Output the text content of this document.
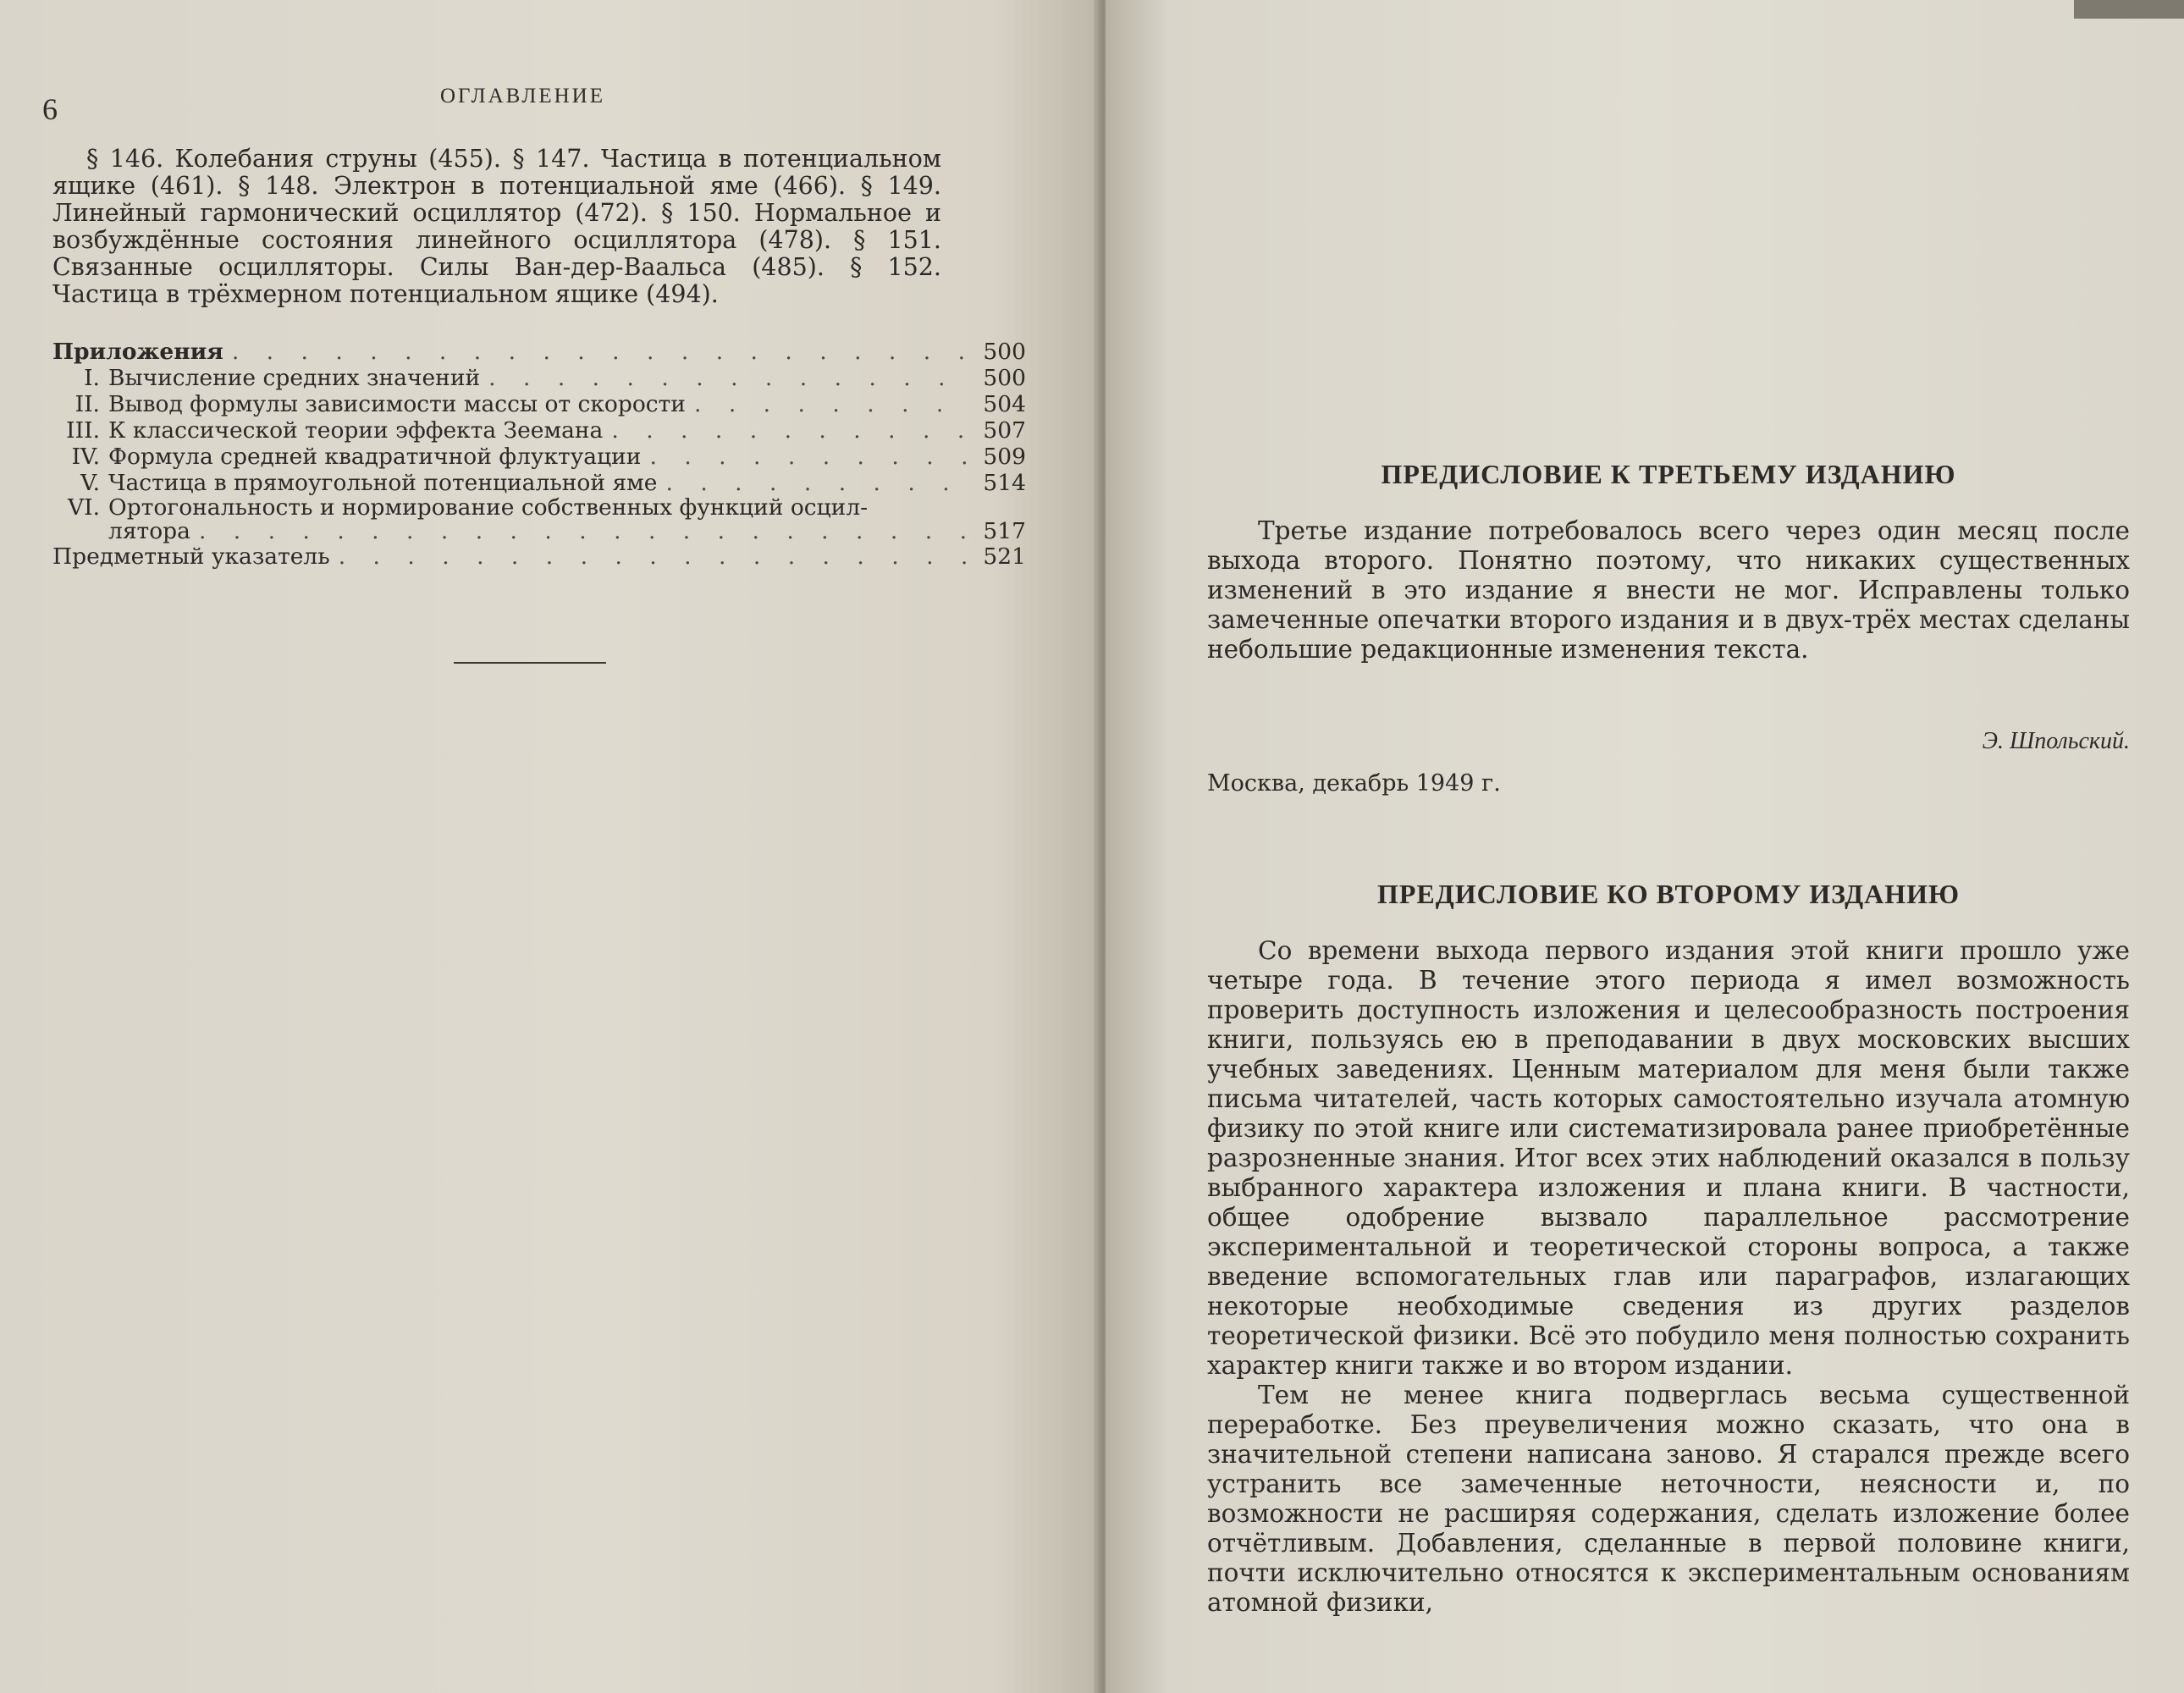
6	ОГЛАВЛЕНИЕ
§ 146. Колебания струны (455). § 147. Частица в потенциальном ящике (461). § 148. Электрон в потенциальной яме (466). § 149. Линейный гармонический осциллятор (472). § 150. Нормальное и возбуждённые состояния линейного осциллятора (478). § 151. Связанные осцилляторы. Силы Ван-дер-Ваальса (485). § 152. Частица в трёхмерном потенциальном ящике (494).
Приложения . . .	500
I. Вычисление средних значений . . .	500
II. Вывод формулы зависимости массы от скорости . . .	504
III. К классической теории эффекта Зеемана . . .	507
IV. Формула средней квадратичной флуктуации . . .	509
V. Частица в прямоугольной потенциальной яме . . .	514
VI. Ортогональность и нормирование собственных функций осцил-
лятора . . .	517
Предметный указатель . . .	521
ПРЕДИСЛОВИЕ К ТРЕТЬЕМУ ИЗДАНИЮ

Третье издание потребовалось всего через один месяц после выхода второго. Понятно поэтому, что никаких существенных изменений в это издание я внести не мог. Исправлены только замеченные опечатки второго издания и в двух-трёх местах сделаны небольшие редакционные изменения текста.

Э. Шпольский.
Москва, декабрь 1949 г.
ПРЕДИСЛОВИЕ КО ВТОРОМУ ИЗДАНИЮ

Со времени выхода первого издания этой книги прошло уже четыре года. В течение этого периода я имел возможность проверить доступность изложения и целесообразность построения книги, пользуясь ею в преподавании в двух московских высших учебных заведениях. Ценным материалом для меня были также письма читателей, часть которых самостоятельно изучала атомную физику по этой книге или систематизировала ранее приобретённые разрозненные знания. Итог всех этих наблюдений оказался в пользу выбранного характера изложения и плана книги. В частности, общее одобрение вызвало параллельное рассмотрение экспериментальной и теоретической стороны вопроса, а также введение вспомогательных глав или параграфов, излагающих некоторые необходимые сведения из других разделов теоретической физики. Всё это побудило меня полностью сохранить характер книги также и во втором издании.

Тем не менее книга подверглась весьма существенной переработке. Без преувеличения можно сказать, что она в значительной степени написана заново. Я старался прежде всего устранить все замеченные неточности, неясности и, по возможности не расширяя содержания, сделать изложение более отчётливым. Добавления, сделанные в первой половине книги, почти исключительно относятся к экспериментальным основаниям атомной физики,
